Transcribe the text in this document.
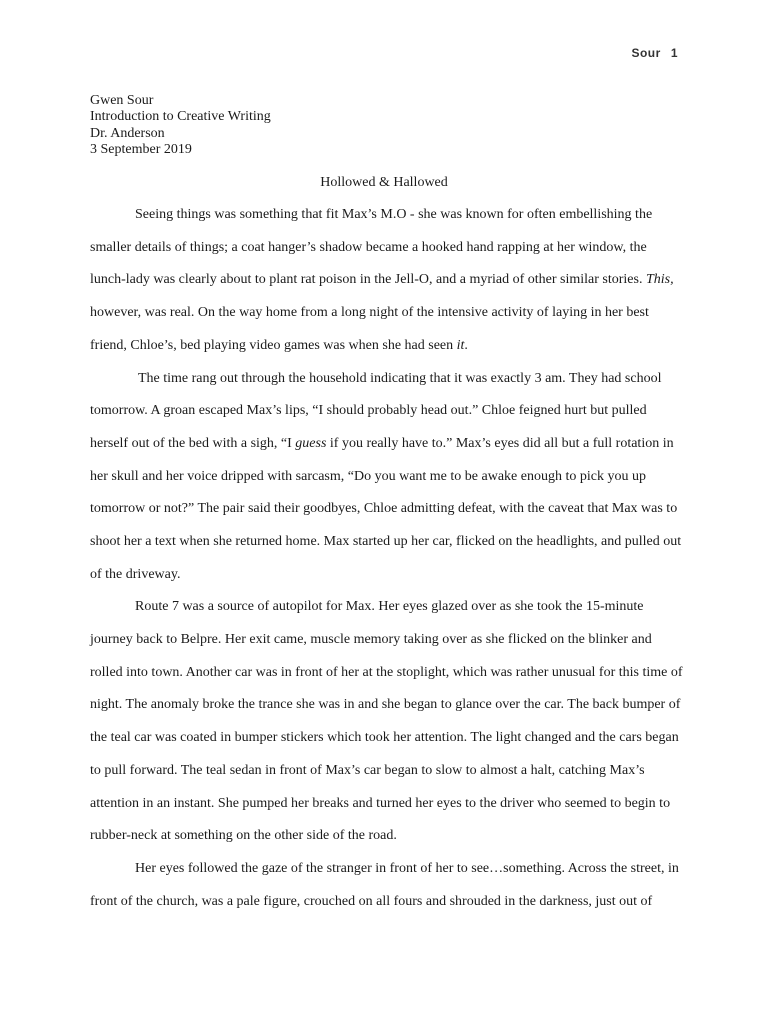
Sour 1
Gwen Sour
Introduction to Creative Writing
Dr. Anderson
3 September 2019
Hollowed & Hallowed
Seeing things was something that fit Max’s M.O - she was known for often embellishing the
smaller details of things; a coat hanger’s shadow became a hooked hand rapping at her window, the
lunch-lady was clearly about to plant rat poison in the Jell-O, and a myriad of other similar stories. This,
however, was real. On the way home from a long night of the intensive activity of laying in her best
friend, Chloe’s, bed playing video games was when she had seen it.
The time rang out through the household indicating that it was exactly 3 am. They had school
tomorrow. A groan escaped Max’s lips, “I should probably head out.” Chloe feigned hurt but pulled
herself out of the bed with a sigh, “I guess if you really have to.” Max’s eyes did all but a full rotation in
her skull and her voice dripped with sarcasm, “Do you want me to be awake enough to pick you up
tomorrow or not?” The pair said their goodbyes, Chloe admitting defeat, with the caveat that Max was to
shoot her a text when she returned home. Max started up her car, flicked on the headlights, and pulled out
of the driveway.
Route 7 was a source of autopilot for Max. Her eyes glazed over as she took the 15-minute
journey back to Belpre. Her exit came, muscle memory taking over as she flicked on the blinker and
rolled into town. Another car was in front of her at the stoplight, which was rather unusual for this time of
night. The anomaly broke the trance she was in and she began to glance over the car. The back bumper of
the teal car was coated in bumper stickers which took her attention. The light changed and the cars began
to pull forward. The teal sedan in front of Max’s car began to slow to almost a halt, catching Max’s
attention in an instant. She pumped her breaks and turned her eyes to the driver who seemed to begin to
rubber-neck at something on the other side of the road.
Her eyes followed the gaze of the stranger in front of her to see…something. Across the street, in
front of the church, was a pale figure, crouched on all fours and shrouded in the darkness, just out of
